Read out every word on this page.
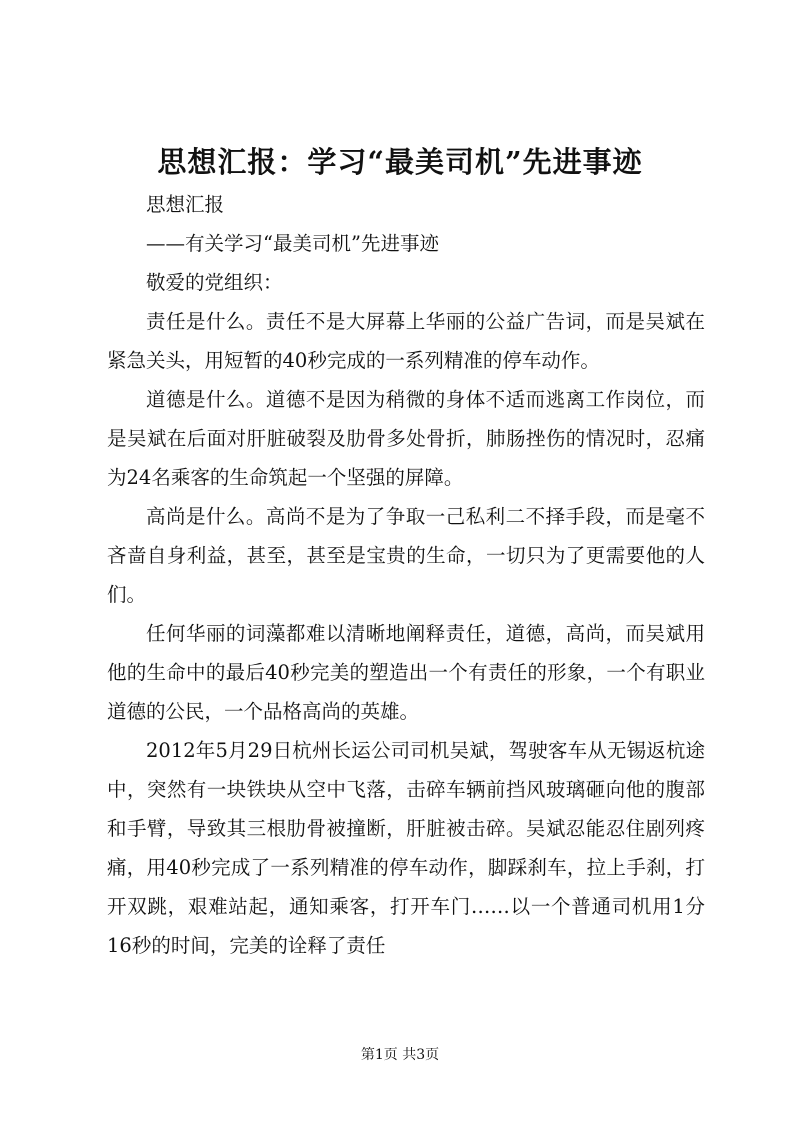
思想汇报：学习“最美司机”先进事迹

思想汇报

——有关学习“最美司机”先进事迹

敬爱的党组织：

责任是什么。责任不是大屏幕上华丽的公益广告词，而是吴斌在紧急关头，用短暂的40秒完成的一系列精准的停车动作。

道德是什么。道德不是因为稍微的身体不适而逃离工作岗位，而是吴斌在后面对肝脏破裂及肋骨多处骨折，肺肠挫伤的情况时，忍痛为24名乘客的生命筑起一个坚强的屏障。

高尚是什么。高尚不是为了争取一己私利二不择手段，而是毫不吝啬自身利益，甚至，甚至是宝贵的生命，一切只为了更需要他的人们。

任何华丽的词藻都难以清晰地阐释责任，道德，高尚，而吴斌用他的生命中的最后40秒完美的塑造出一个有责任的形象，一个有职业道德的公民，一个品格高尚的英雄。

2012年5月29日杭州长运公司司机吴斌，驾驶客车从无锡返杭途中，突然有一块铁块从空中飞落，击碎车辆前挡风玻璃砸向他的腹部和手臂，导致其三根肋骨被撞断，肝脏被击碎。吴斌忍能忍住剧列疼痛，用40秒完成了一系列精准的停车动作，脚踩刹车，拉上手刹，打开双跳，艰难站起，通知乘客，打开车门……以一个普通司机用1分16秒的时间，完美的诠释了责任

第1页 共3页
